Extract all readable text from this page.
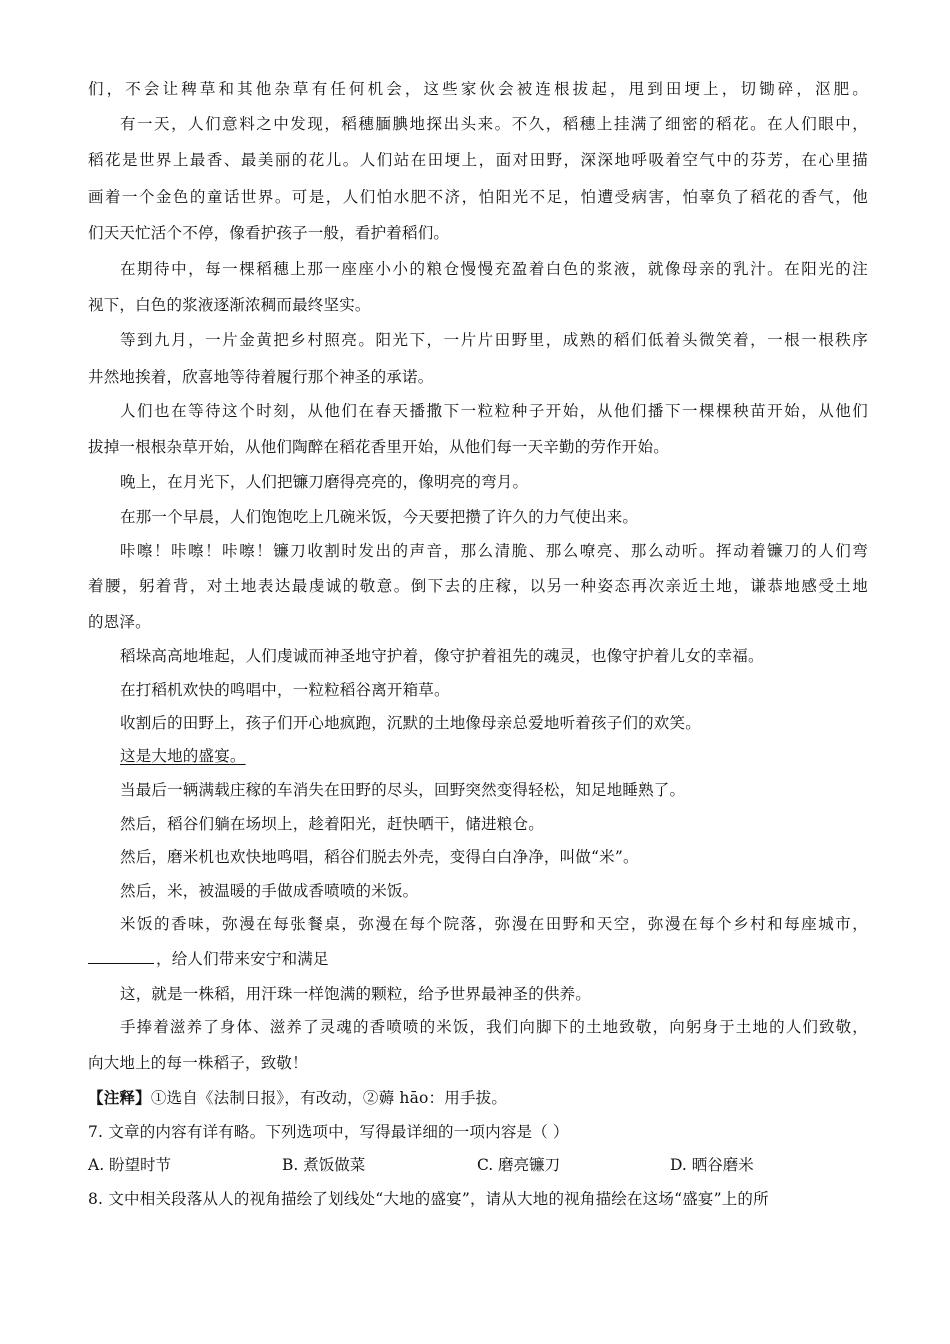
们，不会让稗草和其他杂草有任何机会，这些家伙会被连根拔起，甩到田埂上，切锄碎，沤肥。
有一天，人们意料之中发现，稻穗腼腆地探出头来。不久，稻穗上挂满了细密的稻花。在人们眼中，
稻花是世界上最香、最美丽的花儿。人们站在田埂上，面对田野，深深地呼吸着空气中的芬芳，在心里描
画着一个金色的童话世界。可是，人们怕水肥不济，怕阳光不足，怕遭受病害，怕辜负了稻花的香气，他
们天天忙活个不停，像看护孩子一般，看护着稻们。
在期待中，每一棵稻穗上那一座座小小的粮仓慢慢充盈着白色的浆液，就像母亲的乳汁。在阳光的注
视下，白色的浆液逐渐浓稠而最终坚实。
等到九月，一片金黄把乡村照亮。阳光下，一片片田野里，成熟的稻们低着头微笑着，一根一根秩序
井然地挨着，欣喜地等待着履行那个神圣的承诺。
人们也在等待这个时刻，从他们在春天播撒下一粒粒种子开始，从他们播下一棵棵秧苗开始，从他们
拔掉一根根杂草开始，从他们陶醉在稻花香里开始，从他们每一天辛勤的劳作开始。
晚上，在月光下，人们把镰刀磨得亮亮的，像明亮的弯月。
在那一个早晨，人们饱饱吃上几碗米饭，今天要把攒了许久的力气使出来。
咔嚓！咔嚓！咔嚓！镰刀收割时发出的声音，那么清脆、那么嘹亮、那么动听。挥动着镰刀的人们弯
着腰，躬着背，对土地表达最虔诚的敬意。倒下去的庄稼，以另一种姿态再次亲近土地，谦恭地感受土地
的恩泽。
稻垛高高地堆起，人们虔诚而神圣地守护着，像守护着祖先的魂灵，也像守护着儿女的幸福。
在打稻机欢快的鸣唱中，一粒粒稻谷离开箱草。
收割后的田野上，孩子们开心地疯跑，沉默的土地像母亲总爱地听着孩子们的欢笑。
这是大地的盛宴。
当最后一辆满载庄稼的车消失在田野的尽头，回野突然变得轻松，知足地睡熟了。
然后，稻谷们躺在场坝上，趁着阳光，赶快晒干，储进粮仓。
然后，磨米机也欢快地鸣唱，稻谷们脱去外壳，变得白白净净，叫做“米”。
然后，米，被温暖的手做成香喷喷的米饭。
米饭的香味，弥漫在每张餐桌，弥漫在每个院落，弥漫在田野和天空，弥漫在每个乡村和每座城市，
，给人们带来安宁和满足
这，就是一株稻，用汗珠一样饱满的颗粒，给予世界最神圣的供养。
手捧着滋养了身体、滋养了灵魂的香喷喷的米饭，我们向脚下的土地致敬，向躬身于土地的人们致敬，
向大地上的每一株稻子，致敬！
【注释】①选自《法制日报》，有改动，②薅 hāo：用手拔。
7. 文章的内容有详有略。下列选项中，写得最详细的一项内容是（ ）
A. 盼望时节	B. 煮饭做菜	C. 磨亮镰刀	D. 晒谷磨米
8. 文中相关段落从人的视角描绘了划线处“大地的盛宴”，请从大地的视角描绘在这场“盛宴”上的所
